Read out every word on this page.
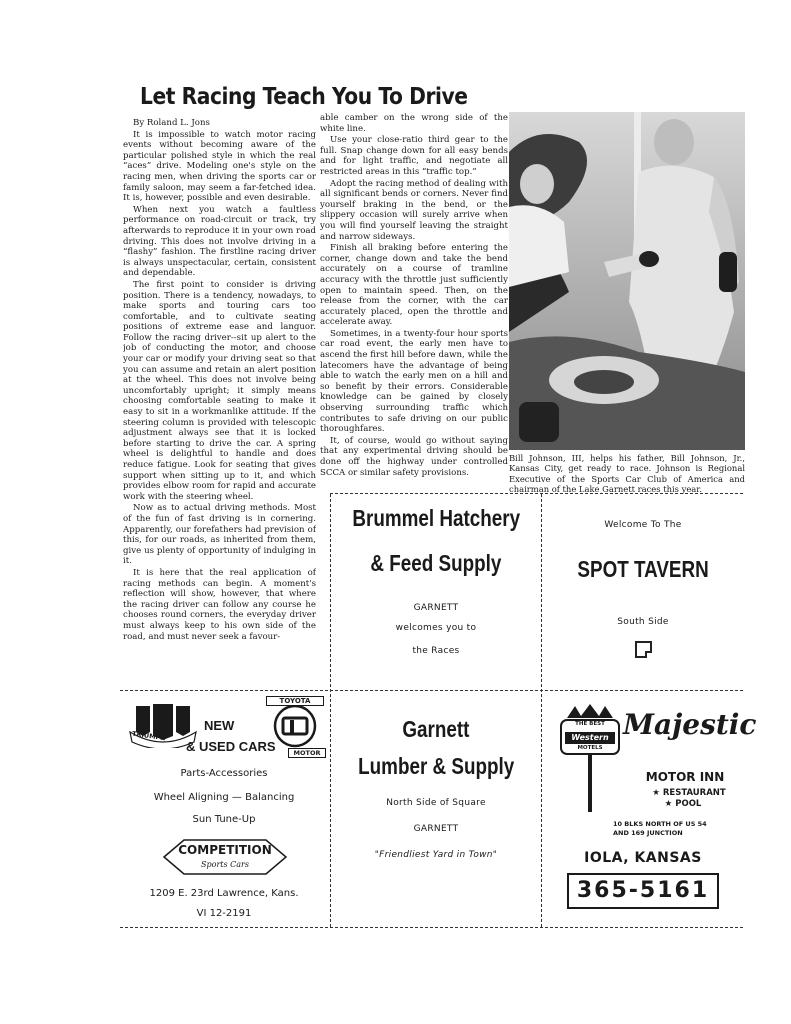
Let Racing Teach You To Drive

By Roland L. Jons

It is impossible to watch motor racing events without becoming aware of the particular polished style in which the real “aces” drive. Modeling one's style on the racing men, when driving the sports car or family saloon, may seem a far-fetched idea. It is, however, possible and even desirable.

When next you watch a faultless performance on road-circuit or track, try afterwards to reproduce it in your own road driving. This does not involve driving in a “flashy” fashion. The firstline racing driver is always unspectacular, certain, consistent and dependable.

The first point to consider is driving position. There is a tendency, nowadays, to make sports and touring cars too comfortable, and to cultivate seating positions of extreme ease and languor. Follow the racing driver--sit up alert to the job of conducting the motor, and choose your car or modify your driving seat so that you can assume and retain an alert position at the wheel. This does not involve being uncomfortably upright; it simply means choosing comfortable seating to make it easy to sit in a workmanlike attitude. If the steering column is provided with telescopic adjustment always see that it is locked before starting to drive the car. A spring wheel is delightful to handle and does reduce fatigue. Look for seating that gives support when sitting up to it, and which provides elbow room for rapid and accurate work with the steering wheel.

Now as to actual driving methods. Most of the fun of fast driving is in cornering. Apparently, our forefathers had prevision of this, for our roads, as inherited from them, give us plenty of opportunity of indulging in it.

It is here that the real application of racing methods can begin. A moment's reflection will show, however, that where the racing driver can follow any course he chooses round corners, the everyday driver must always keep to his own side of the road, and must never seek a favour-

able camber on the wrong side of the white line.

Use your close-ratio third gear to the full. Snap change down for all easy bends and for light traffic, and negotiate all restricted areas in this “traffic top.”

Adopt the racing method of dealing with all significant bends or corners. Never find yourself braking in the bend, or the slippery occasion will surely arrive when you will find yourself leaving the straight and narrow sideways.

Finish all braking before entering the corner, change down and take the bend accurately on a course of tramline accuracy with the throttle just sufficiently open to maintain speed. Then, on the release from the corner, with the car accurately placed, open the throttle and accelerate away.

Sometimes, in a twenty-four hour sports car road event, the early men have to ascend the first hill before dawn, while the latecomers have the advantage of being able to watch the early men on a hill and so benefit by their errors. Considerable knowledge can be gained by closely observing surrounding traffic which contributes to safe driving on our public thoroughfares.

It, of course, would go without saying that any experimental driving should be done off the highway under controlled SCCA or similar safety provisions.

Bill Johnson, III, helps his father, Bill Johnson, Jr., Kansas City, get ready to race. Johnson is Regional Executive of the Sports Car Club of America and chairman of the Lake Garnett races this year.
Brummel Hatchery & Feed Supply
GARNETT
welcomes you to
the Races
Welcome To The
SPOT TAVERN
South Side
TRIUMPH
TOYOTA
MOTOR
NEW
& USED CARS
Parts-Accessories
Wheel Aligning — Balancing
Sun Tune-Up
COMPETITION
Sports Cars
1209 E. 23rd Lawrence, Kans.
VI 12-2191
Garnett Lumber & Supply
North Side of Square
GARNETT
"Friendliest Yard in Town"
THE BEST
Western
MOTELS
Majestic
MOTOR INN
★ RESTAURANT
★ POOL
10 BLKS NORTH OF US 54
AND 169 JUNCTION
IOLA, KANSAS
365-5161
